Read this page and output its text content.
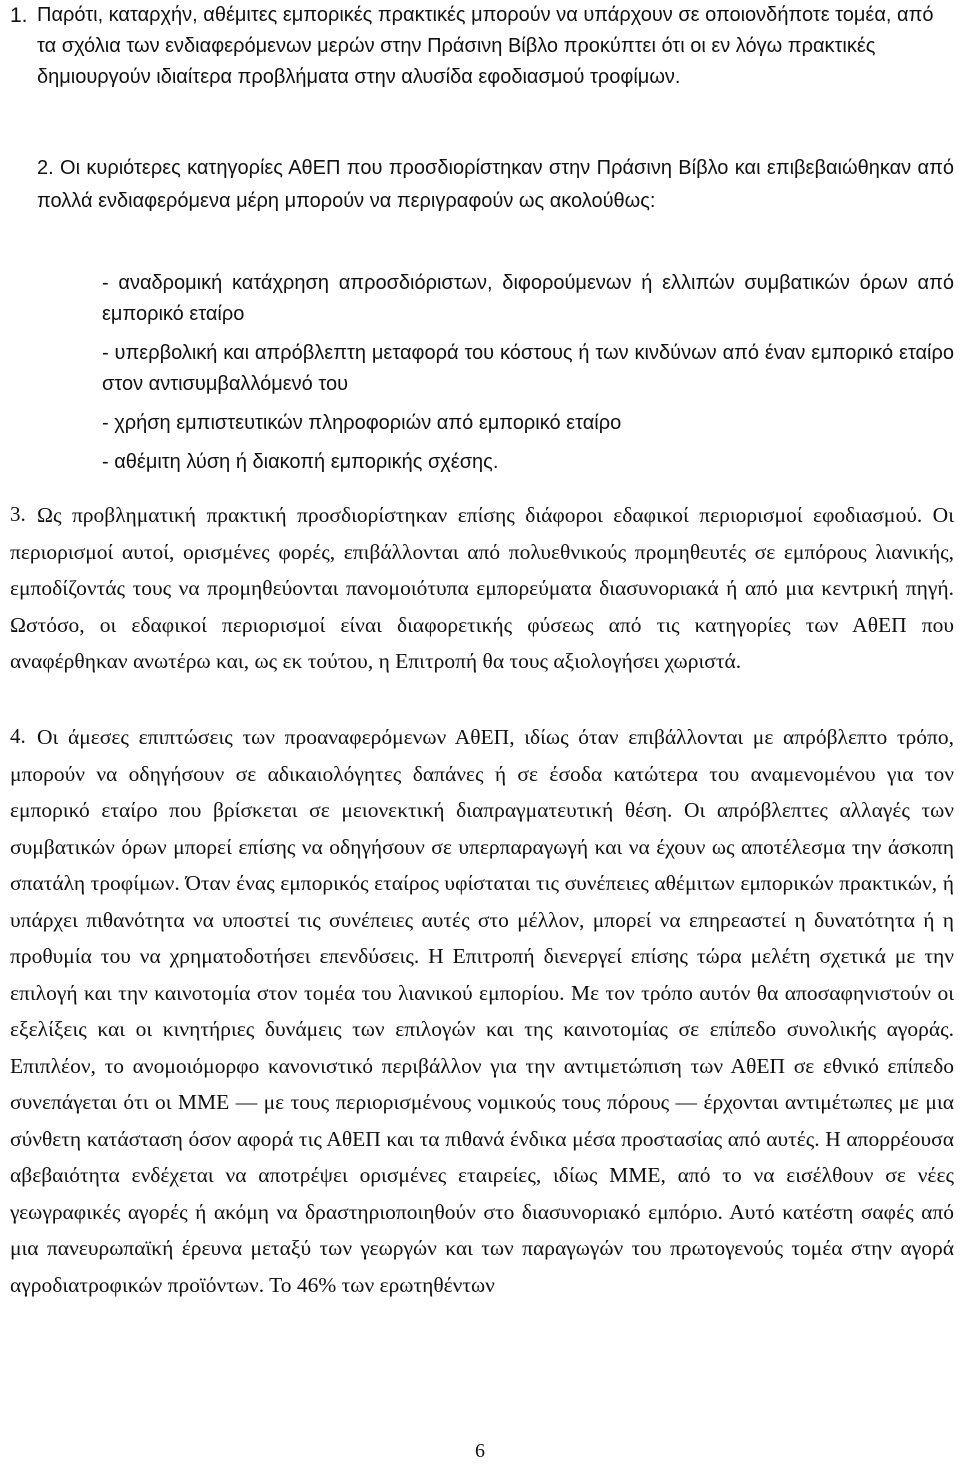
1. Παρότι, καταρχήν, αθέμιτες εμπορικές πρακτικές μπορούν να υπάρχουν σε οποιονδήποτε τομέα, από τα σχόλια των ενδιαφερόμενων μερών στην Πράσινη Βίβλο προκύπτει ότι οι εν λόγω πρακτικές δημιουργούν ιδιαίτερα προβλήματα στην αλυσίδα εφοδιασμού τροφίμων.

2. Οι κυριότερες κατηγορίες ΑθΕΠ που προσδιορίστηκαν στην Πράσινη Βίβλο και επιβεβαιώθηκαν από πολλά ενδιαφερόμενα μέρη μπορούν να περιγραφούν ως ακολούθως:

- αναδρομική κατάχρηση απροσδιόριστων, διφορούμενων ή ελλιπών συμβατικών όρων από εμπορικό εταίρο

- υπερβολική και απρόβλεπτη μεταφορά του κόστους ή των κινδύνων από έναν εμπορικό εταίρο στον αντισυμβαλλόμενό του

- χρήση εμπιστευτικών πληροφοριών από εμπορικό εταίρο

- αθέμιτη λύση ή διακοπή εμπορικής σχέσης.

3. Ως προβληματική πρακτική προσδιορίστηκαν επίσης διάφοροι εδαφικοί περιορισμοί εφοδιασμού. Οι περιορισμοί αυτοί, ορισμένες φορές, επιβάλλονται από πολυεθνικούς προμηθευτές σε εμπόρους λιανικής, εμποδίζοντάς τους να προμηθεύονται πανομοιότυπα εμπορεύματα διασυνοριακά ή από μια κεντρική πηγή. Ωστόσο, οι εδαφικοί περιορισμοί είναι διαφορετικής φύσεως από τις κατηγορίες των ΑθΕΠ που αναφέρθηκαν ανωτέρω και, ως εκ τούτου, η Επιτροπή θα τους αξιολογήσει χωριστά.

4. Οι άμεσες επιπτώσεις των προαναφερόμενων ΑθΕΠ, ιδίως όταν επιβάλλονται με απρόβλεπτο τρόπο, μπορούν να οδηγήσουν σε αδικαιολόγητες δαπάνες ή σε έσοδα κατώτερα του αναμενομένου για τον εμπορικό εταίρο που βρίσκεται σε μειονεκτική διαπραγματευτική θέση. Οι απρόβλεπτες αλλαγές των συμβατικών όρων μπορεί επίσης να οδηγήσουν σε υπερπαραγωγή και να έχουν ως αποτέλεσμα την άσκοπη σπατάλη τροφίμων. Όταν ένας εμπορικός εταίρος υφίσταται τις συνέπειες αθέμιτων εμπορικών πρακτικών, ή υπάρχει πιθανότητα να υποστεί τις συνέπειες αυτές στο μέλλον, μπορεί να επηρεαστεί η δυνατότητα ή η προθυμία του να χρηματοδοτήσει επενδύσεις. Η Επιτροπή διενεργεί επίσης τώρα μελέτη σχετικά με την επιλογή και την καινοτομία στον τομέα του λιανικού εμπορίου. Με τον τρόπο αυτόν θα αποσαφηνιστούν οι εξελίξεις και οι κινητήριες δυνάμεις των επιλογών και της καινοτομίας σε επίπεδο συνολικής αγοράς. Επιπλέον, το ανομοιόμορφο κανονιστικό περιβάλλον για την αντιμετώπιση των ΑθΕΠ σε εθνικό επίπεδο συνεπάγεται ότι οι ΜΜΕ — με τους περιορισμένους νομικούς τους πόρους — έρχονται αντιμέτωπες με μια σύνθετη κατάσταση όσον αφορά τις ΑθΕΠ και τα πιθανά ένδικα μέσα προστασίας από αυτές. Η απορρέουσα αβεβαιότητα ενδέχεται να αποτρέψει ορισμένες εταιρείες, ιδίως ΜΜΕ, από το να εισέλθουν σε νέες γεωγραφικές αγορές ή ακόμη να δραστηριοποιηθούν στο διασυνοριακό εμπόριο. Αυτό κατέστη σαφές από μια πανευρωπαϊκή έρευνα μεταξύ των γεωργών και των παραγωγών του πρωτογενούς τομέα στην αγορά αγροδιατροφικών προϊόντων. Το 46% των ερωτηθέντων

6
